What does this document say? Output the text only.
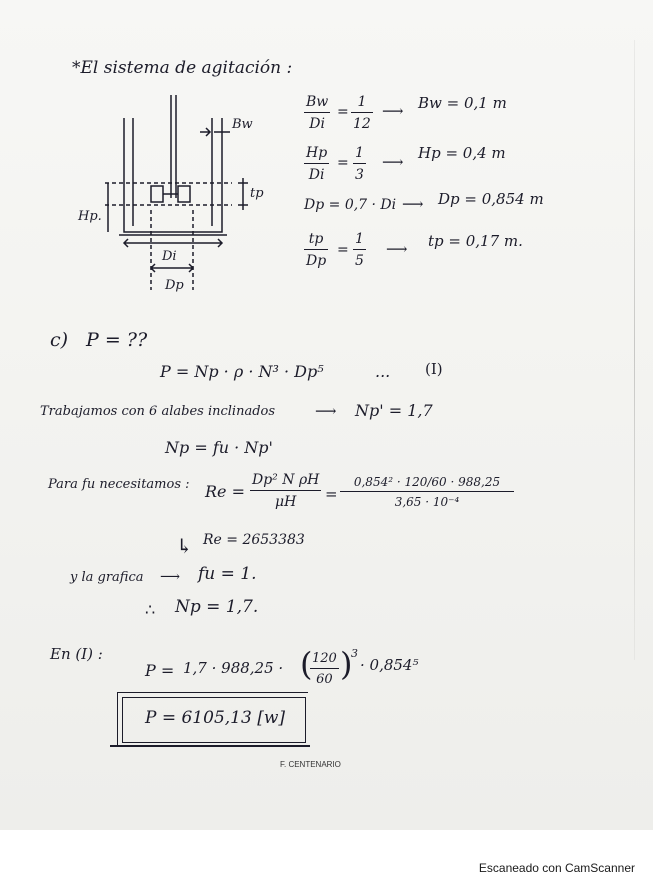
*El sistema de agitación :
Bw
Hp.
tp
Di
Dp
Bw
Di
=
1
12
⟶ Bw = 0,1 m
Hp
Di
=
1
3
⟶ Hp = 0,4 m
Dp = 0,7 · Di ⟶ Dp = 0,854 m
tp
Dp
=
1
5
⟶ tp = 0,17 m.
c) P = ??
P = Np · ρ · N³ · Dp⁵	... (I)
Trabajamos con 6 alabes inclinados	⟶ Np' = 1,7
Np = fu · Np'
Para fu necesitamos : Re =
Dp² N ρH
μH	=
0,854² · 120/60 · 988,25
3,65 · 10⁻⁴
↳ Re = 2653383
y la grafica ⟶ fu = 1.
∴ Np = 1,7.
En (I) :
P = 1,7 · 988,25 · ( 120
60 )
3
· 0,854⁵
P = 6105,13 [w]
F. CENTENARIO
Escaneado con CamScanner
